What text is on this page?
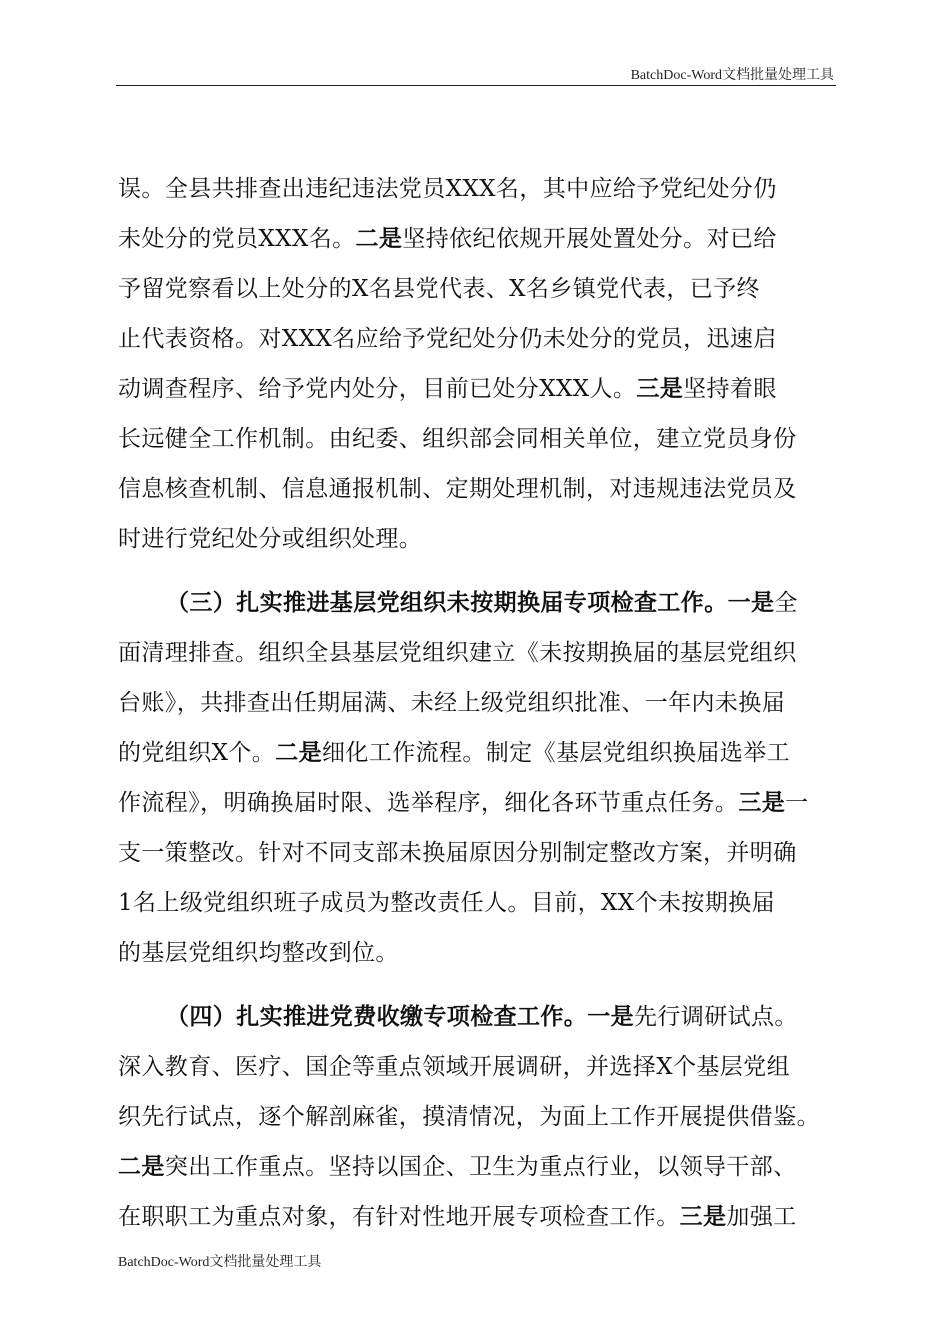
BatchDoc-Word文档批量处理工具
误。全县共排查出违纪违法党员XXX名，其中应给予党纪处分仍
未处分的党员XXX名。二是坚持依纪依规开展处置处分。对已给
予留党察看以上处分的X名县党代表、X名乡镇党代表，已予终
止代表资格。对XXX名应给予党纪处分仍未处分的党员，迅速启
动调查程序、给予党内处分，目前已处分XXX人。三是坚持着眼
长远健全工作机制。由纪委、组织部会同相关单位，建立党员身份
信息核查机制、信息通报机制、定期处理机制，对违规违法党员及
时进行党纪处分或组织处理。
（三）扎实推进基层党组织未按期换届专项检查工作。一是全
面清理排查。组织全县基层党组织建立《未按期换届的基层党组织
台账》，共排查出任期届满、未经上级党组织批准、一年内未换届
的党组织X个。二是细化工作流程。制定《基层党组织换届选举工
作流程》，明确换届时限、选举程序，细化各环节重点任务。三是一
支一策整改。针对不同支部未换届原因分别制定整改方案，并明确
1名上级党组织班子成员为整改责任人。目前，XX个未按期换届
的基层党组织均整改到位。
（四）扎实推进党费收缴专项检查工作。一是先行调研试点。
深入教育、医疗、国企等重点领域开展调研，并选择X个基层党组
织先行试点，逐个解剖麻雀，摸清情况，为面上工作开展提供借鉴。
二是突出工作重点。坚持以国企、卫生为重点行业，以领导干部、
在职职工为重点对象，有针对性地开展专项检查工作。三是加强工
BatchDoc-Word文档批量处理工具
